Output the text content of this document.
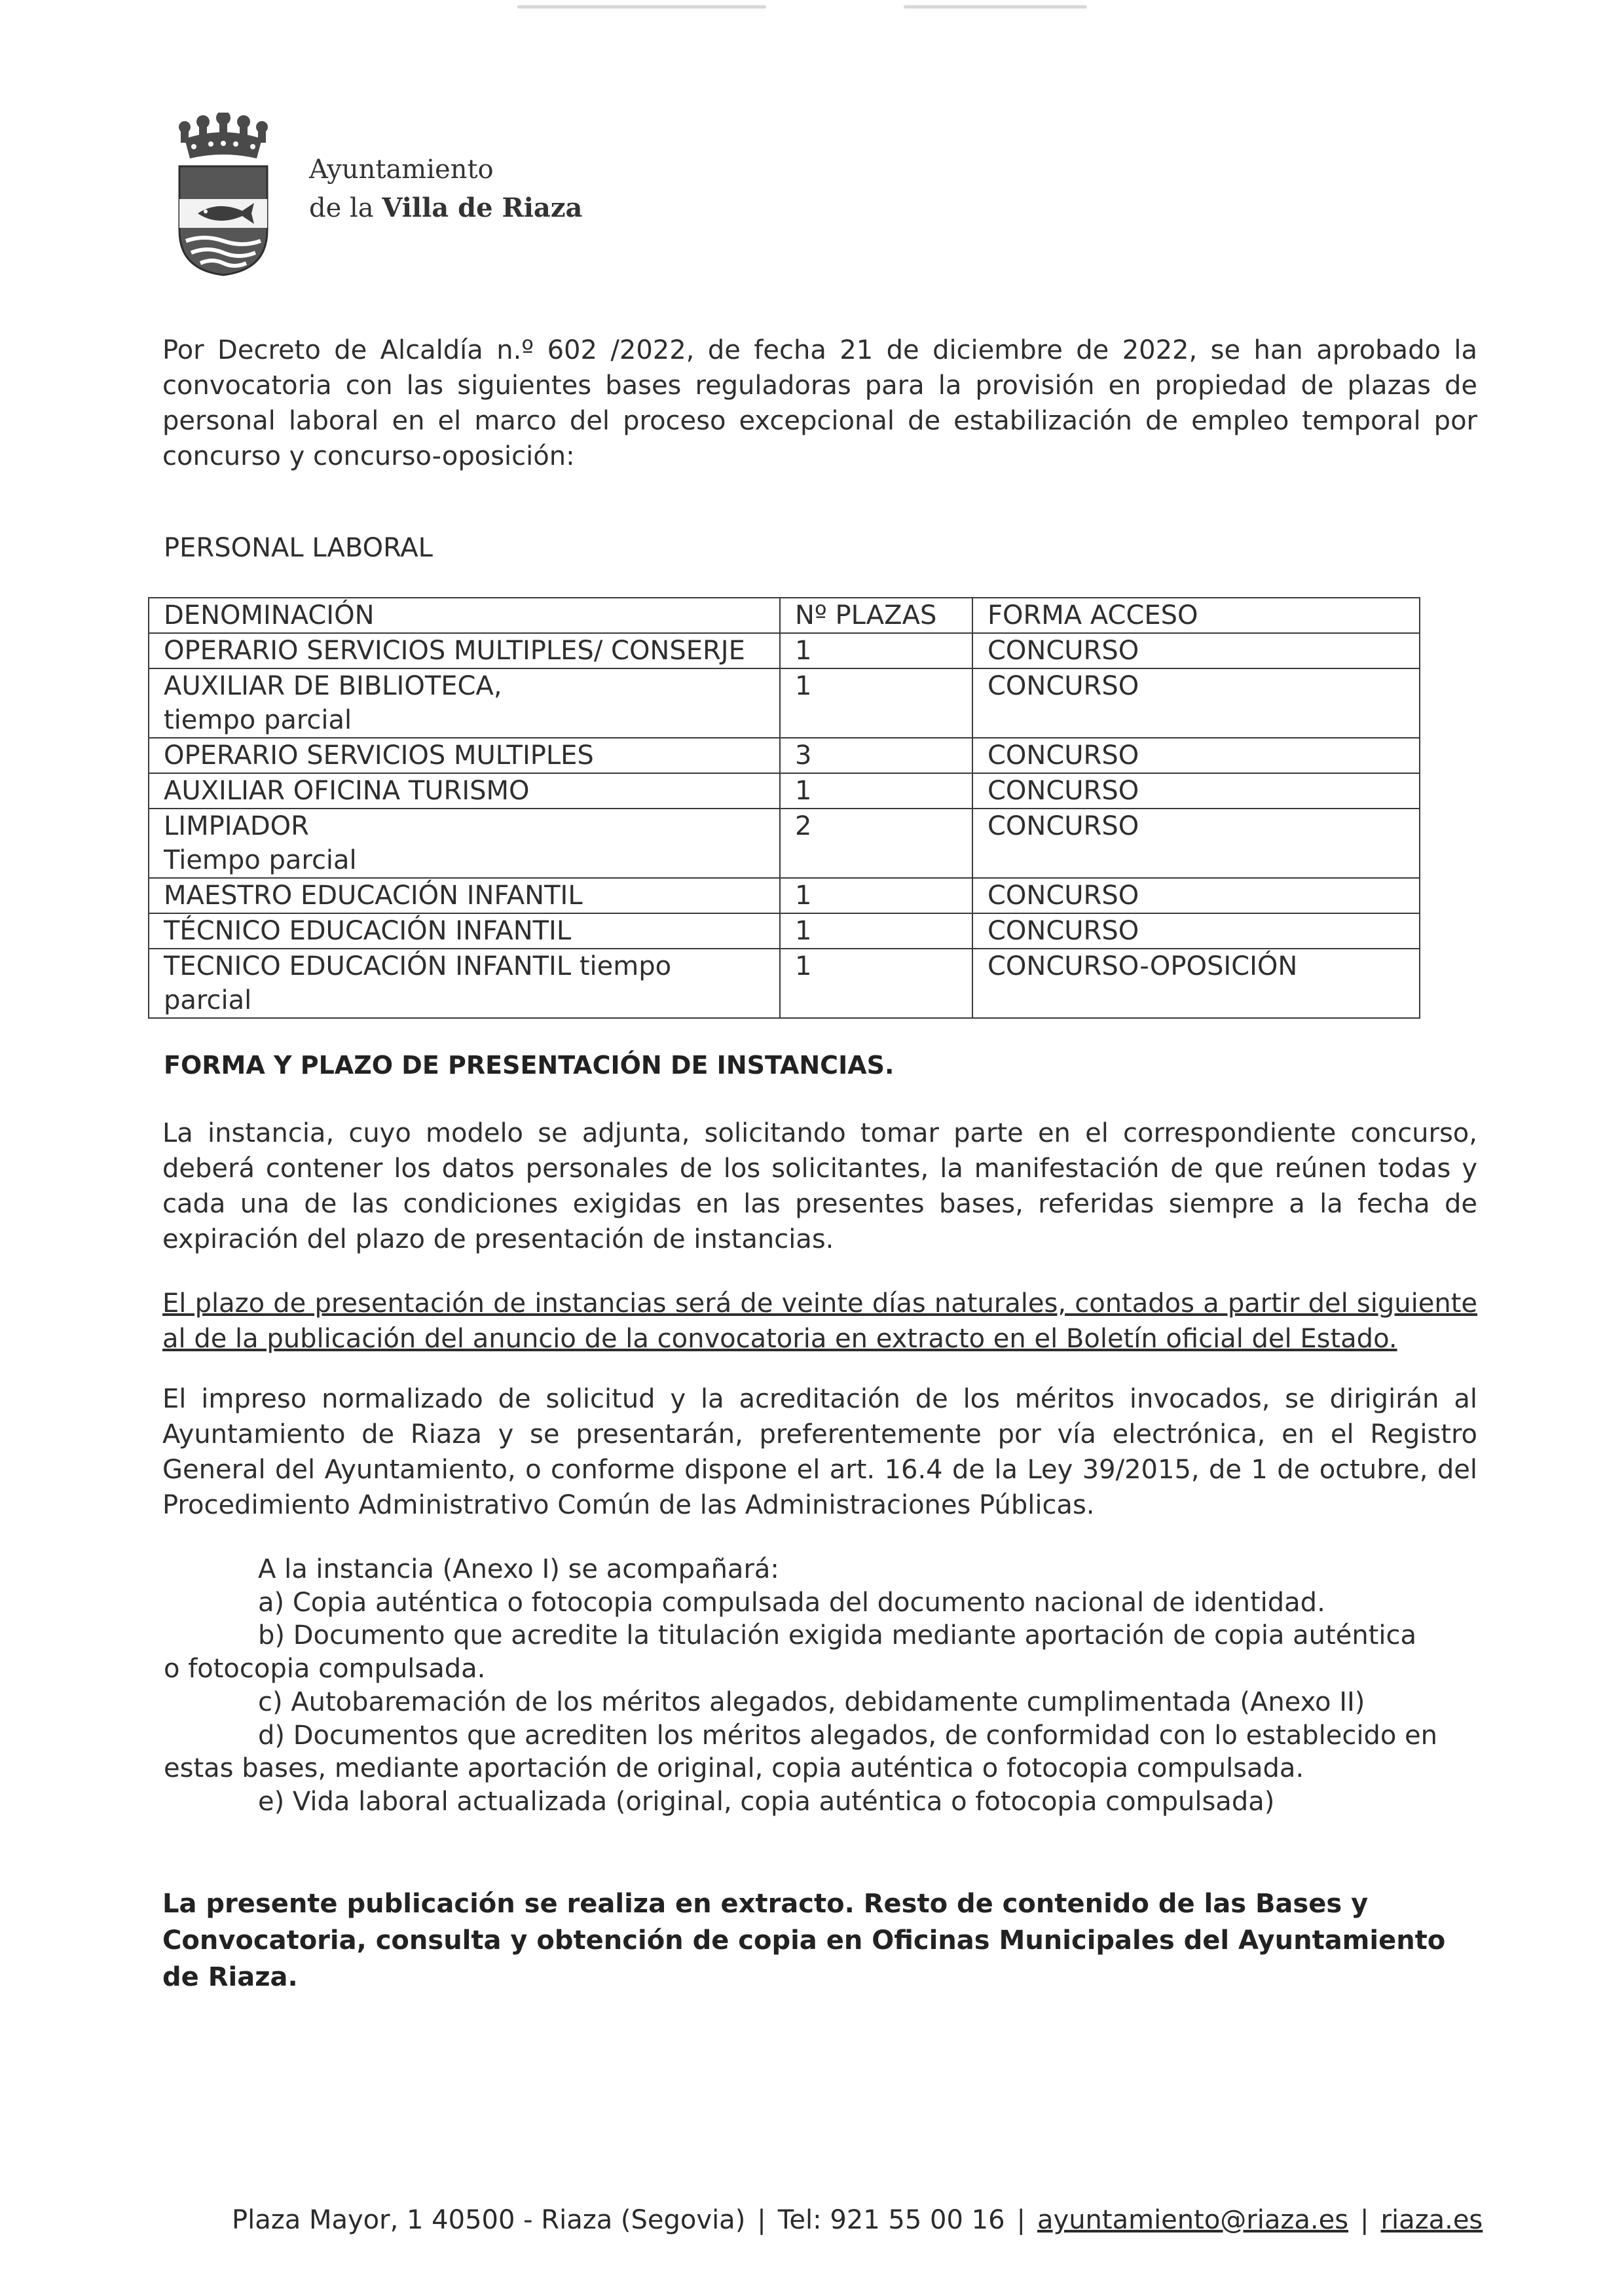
Ayuntamiento
de la Villa de Riaza
Por Decreto de Alcaldía n.º 602 /2022, de fecha 21 de diciembre de 2022, se han aprobado la convocatoria con las siguientes bases reguladoras para la provisión en propiedad de plazas de personal laboral en el marco del proceso excepcional de estabilización de empleo temporal por concurso y concurso-oposición:
PERSONAL LABORAL
DENOMINACIÓN	Nº PLAZAS	FORMA ACCESO
OPERARIO SERVICIOS MULTIPLES/ CONSERJE	1	CONCURSO

AUXILIAR DE BIBLIOTECA,
tiempo parcial	1	CONCURSO
OPERARIO SERVICIOS MULTIPLES	3	CONCURSO
AUXILIAR OFICINA TURISMO	1	CONCURSO

LIMPIADOR
Tiempo parcial	2	CONCURSO
MAESTRO EDUCACIÓN INFANTIL	1	CONCURSO
TÉCNICO EDUCACIÓN INFANTIL	1	CONCURSO

TECNICO EDUCACIÓN INFANTIL tiempo
parcial	1	CONCURSO-OPOSICIÓN
FORMA Y PLAZO DE PRESENTACIÓN DE INSTANCIAS.
La instancia, cuyo modelo se adjunta, solicitando tomar parte en el correspondiente concurso, deberá contener los datos personales de los solicitantes, la manifestación de que reúnen todas y cada una de las condiciones exigidas en las presentes bases, referidas siempre a la fecha de expiración del plazo de presentación de instancias.
El plazo de presentación de instancias será de veinte días naturales, contados a partir del siguiente al de la publicación del anuncio de la convocatoria en extracto en el Boletín oficial del Estado.
El impreso normalizado de solicitud y la acreditación de los méritos invocados, se dirigirán al Ayuntamiento de Riaza y se presentarán, preferentemente por vía electrónica, en el Registro General del Ayuntamiento, o conforme dispone el art. 16.4 de la Ley 39/2015, de 1 de octubre, del Procedimiento Administrativo Común de las Administraciones Públicas.
A la instancia (Anexo I) se acompañará:
a) Copia auténtica o fotocopia compulsada del documento nacional de identidad.
b) Documento que acredite la titulación exigida mediante aportación de copia auténtica
o fotocopia compulsada.
c) Autobaremación de los méritos alegados, debidamente cumplimentada (Anexo II)
d) Documentos que acrediten los méritos alegados, de conformidad con lo establecido en
estas bases, mediante aportación de original, copia auténtica o fotocopia compulsada.
e) Vida laboral actualizada (original, copia auténtica o fotocopia compulsada)
La presente publicación se realiza en extracto. Resto de contenido de las Bases y Convocatoria, consulta y obtención de copia en Oficinas Municipales del Ayuntamiento de Riaza.
Plaza Mayor, 1 40500 - Riaza (Segovia) | Tel: 921 55 00 16 | ayuntamiento@riaza.es | riaza.es
